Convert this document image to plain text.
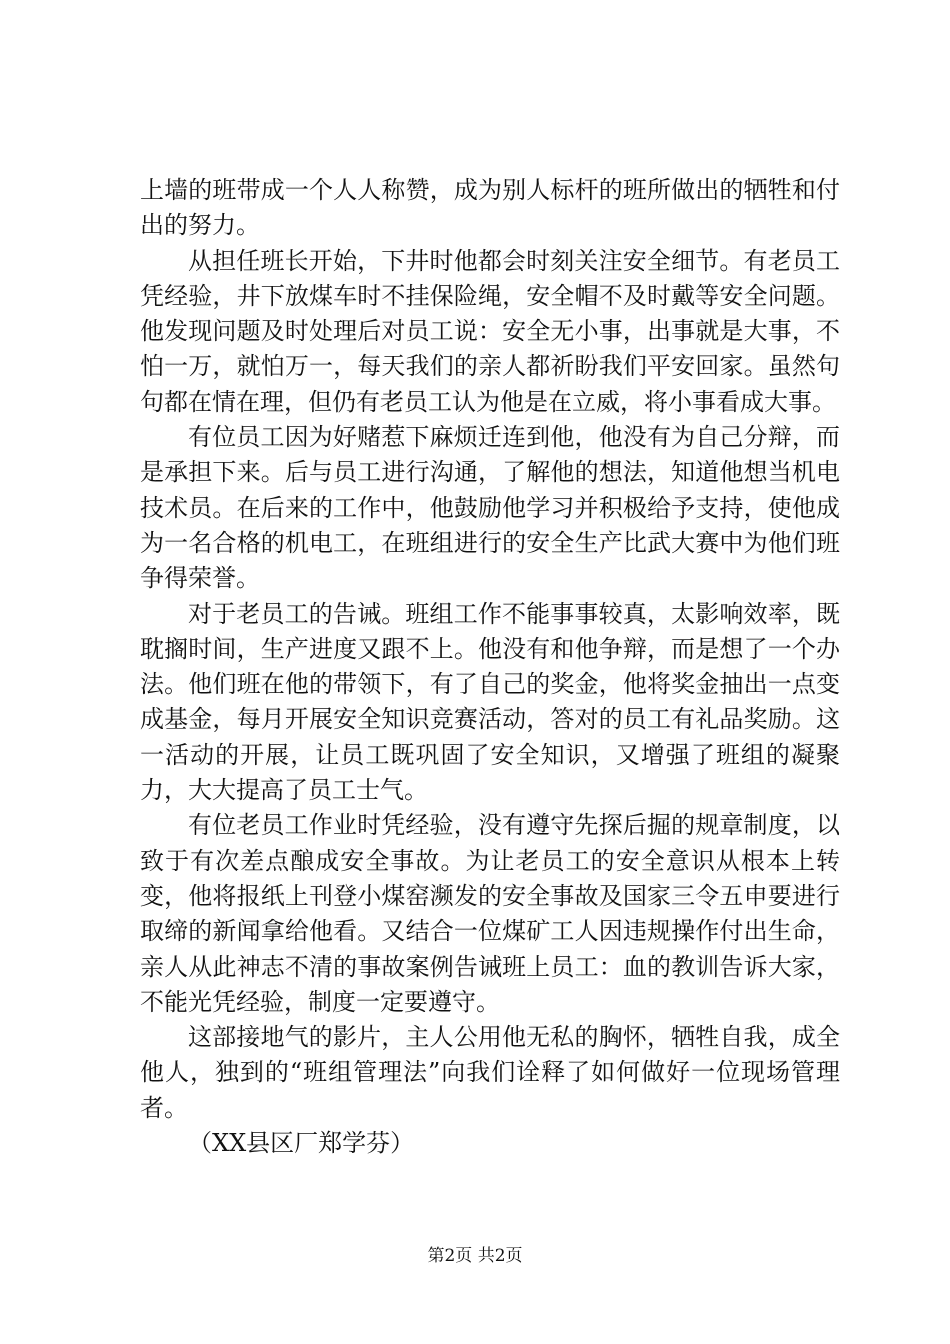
上墙的班带成一个人人称赞，成为别人标杆的班所做出的牺牲和付出的努力。

从担任班长开始，下井时他都会时刻关注安全细节。有老员工凭经验，井下放煤车时不挂保险绳，安全帽不及时戴等安全问题。他发现问题及时处理后对员工说：安全无小事，出事就是大事，不怕一万，就怕万一，每天我们的亲人都祈盼我们平安回家。虽然句句都在情在理，但仍有老员工认为他是在立威，将小事看成大事。

有位员工因为好赌惹下麻烦迁连到他，他没有为自己分辩，而是承担下来。后与员工进行沟通，了解他的想法，知道他想当机电技术员。在后来的工作中，他鼓励他学习并积极给予支持，使他成为一名合格的机电工，在班组进行的安全生产比武大赛中为他们班争得荣誉。

对于老员工的告诫。班组工作不能事事较真，太影响效率，既耽搁时间，生产进度又跟不上。他没有和他争辩，而是想了一个办法。他们班在他的带领下，有了自己的奖金，他将奖金抽出一点变成基金，每月开展安全知识竞赛活动，答对的员工有礼品奖励。这一活动的开展，让员工既巩固了安全知识，又增强了班组的凝聚力，大大提高了员工士气。

有位老员工作业时凭经验，没有遵守先探后掘的规章制度，以致于有次差点酿成安全事故。为让老员工的安全意识从根本上转变，他将报纸上刊登小煤窑濒发的安全事故及国家三令五申要进行取缔的新闻拿给他看。又结合一位煤矿工人因违规操作付出生命，亲人从此神志不清的事故案例告诫班上员工：血的教训告诉大家，不能光凭经验，制度一定要遵守。

这部接地气的影片，主人公用他无私的胸怀，牺牲自我，成全他人，独到的“班组管理法”向我们诠释了如何做好一位现场管理者。

（XX县区厂郑学芬）

第2页 共2页
